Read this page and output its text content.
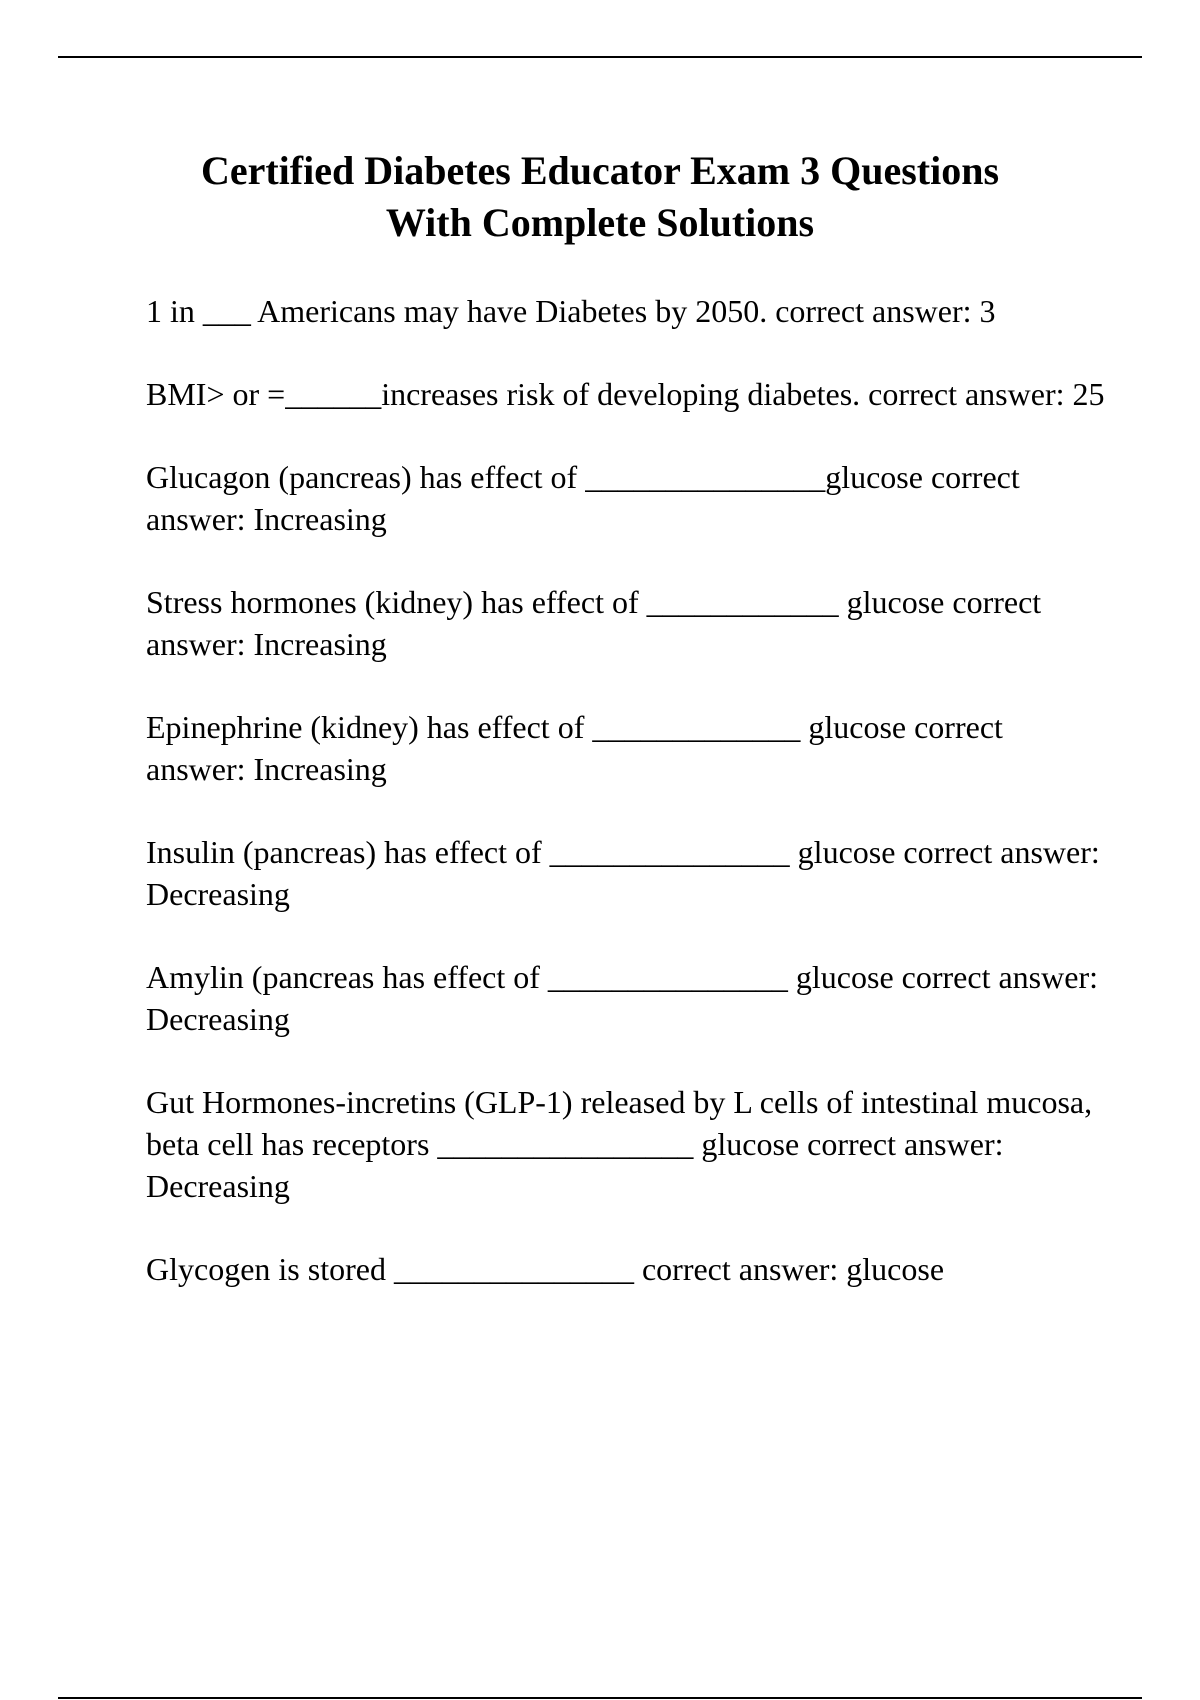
Certified Diabetes Educator Exam 3 Questions
With Complete Solutions
1 in ___ Americans may have Diabetes by 2050. correct answer: 3
BMI> or =______increases risk of developing diabetes. correct answer: 25
Glucagon (pancreas) has effect of _______________glucose correct answer: Increasing
Stress hormones (kidney) has effect of ____________ glucose correct answer: Increasing
Epinephrine (kidney) has effect of _____________ glucose correct answer: Increasing
Insulin (pancreas) has effect of _______________ glucose correct answer: Decreasing
Amylin (pancreas has effect of _______________ glucose correct answer: Decreasing
Gut Hormones-incretins (GLP-1) released by L cells of intestinal mucosa, beta cell has receptors ________________ glucose correct answer: Decreasing
Glycogen is stored _______________ correct answer: glucose
